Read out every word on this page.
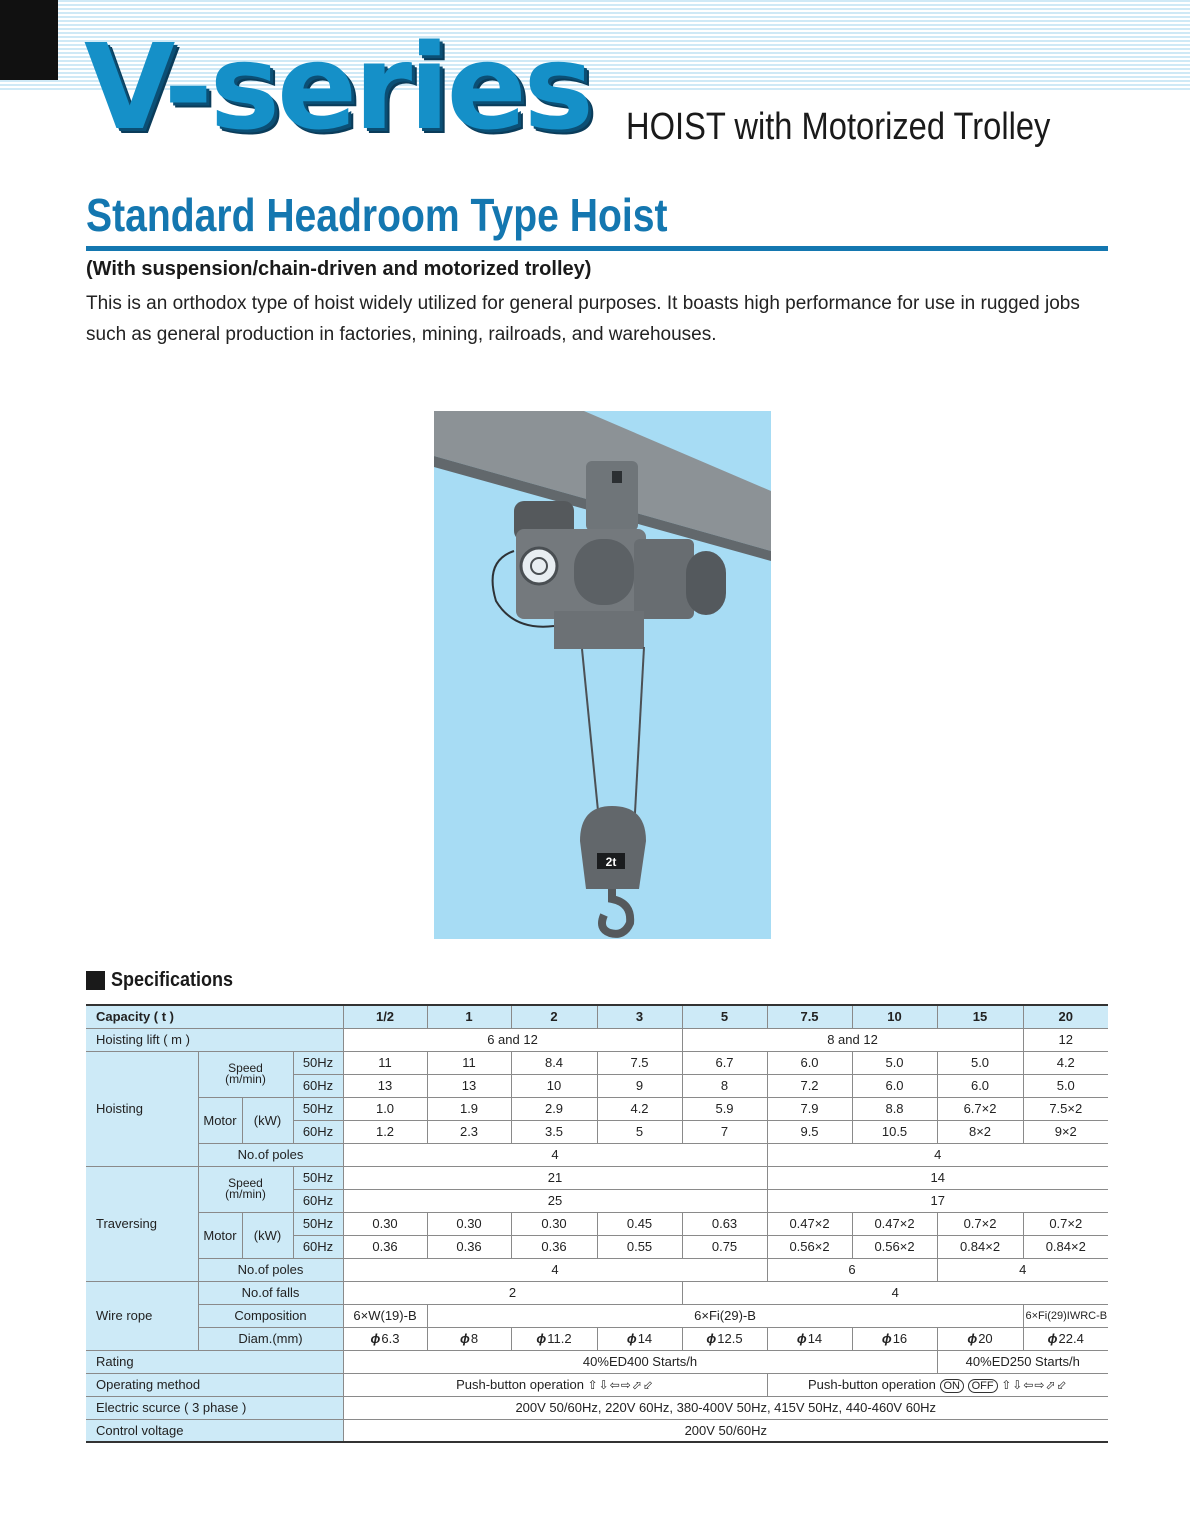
V-series HOIST with Motorized Trolley
Standard Headroom Type Hoist
(With suspension/chain-driven and motorized trolley)
This is an orthodox type of hoist widely utilized for general purposes. It boasts high performance for use in rugged jobs such as general production in factories, mining, railroads, and warehouses.
2t
Specifications
Capacity ( t )				1/2	1	2	3	5	7.5	10	15	20
Hoisting lift ( m )				6 and 12				8 and 12				12
Hoisting	Speed
(m/min)		50Hz	11	11	8.4	7.5	6.7	6.0	5.0	5.0	4.2
			60Hz	13	13	10	9	8	7.2	6.0	6.0	5.0
	Motor	(kW)	50Hz	1.0	1.9	2.9	4.2	5.9	7.9	8.8	6.7×2	7.5×2
			60Hz	1.2	2.3	3.5	5	7	9.5	10.5	8×2	9×2
	No.of poles			4					4			
Traversing	Speed
(m/min)		50Hz	21					14			
			60Hz	25					17			
	Motor	(kW)	50Hz	0.30	0.30	0.30	0.45	0.63	0.47×2	0.47×2	0.7×2	0.7×2
			60Hz	0.36	0.36	0.36	0.55	0.75	0.56×2	0.56×2	0.84×2	0.84×2
	No.of poles			4					6		4	
Wire rope	No.of falls			2				4				
	Composition			6×W(19)-B	6×Fi(29)-B							6×Fi(29)IWRC-B
	Diam.(mm)			ϕ6.3	ϕ8	ϕ11.2	ϕ14	ϕ12.5	ϕ14	ϕ16	ϕ20	ϕ22.4
Rating				40%ED400 Starts/h							40%ED250 Starts/h	
Operating method				Push-button operation ⇧⇩⇦⇨⬀⬃					Push-button operation ON OFF ⇧⇩⇦⇨⬀⬃			
Electric scurce ( 3 phase )				200V 50/60Hz, 220V 60Hz, 380-400V 50Hz, 415V 50Hz, 440-460V 60Hz								
Control voltage				200V 50/60Hz								
